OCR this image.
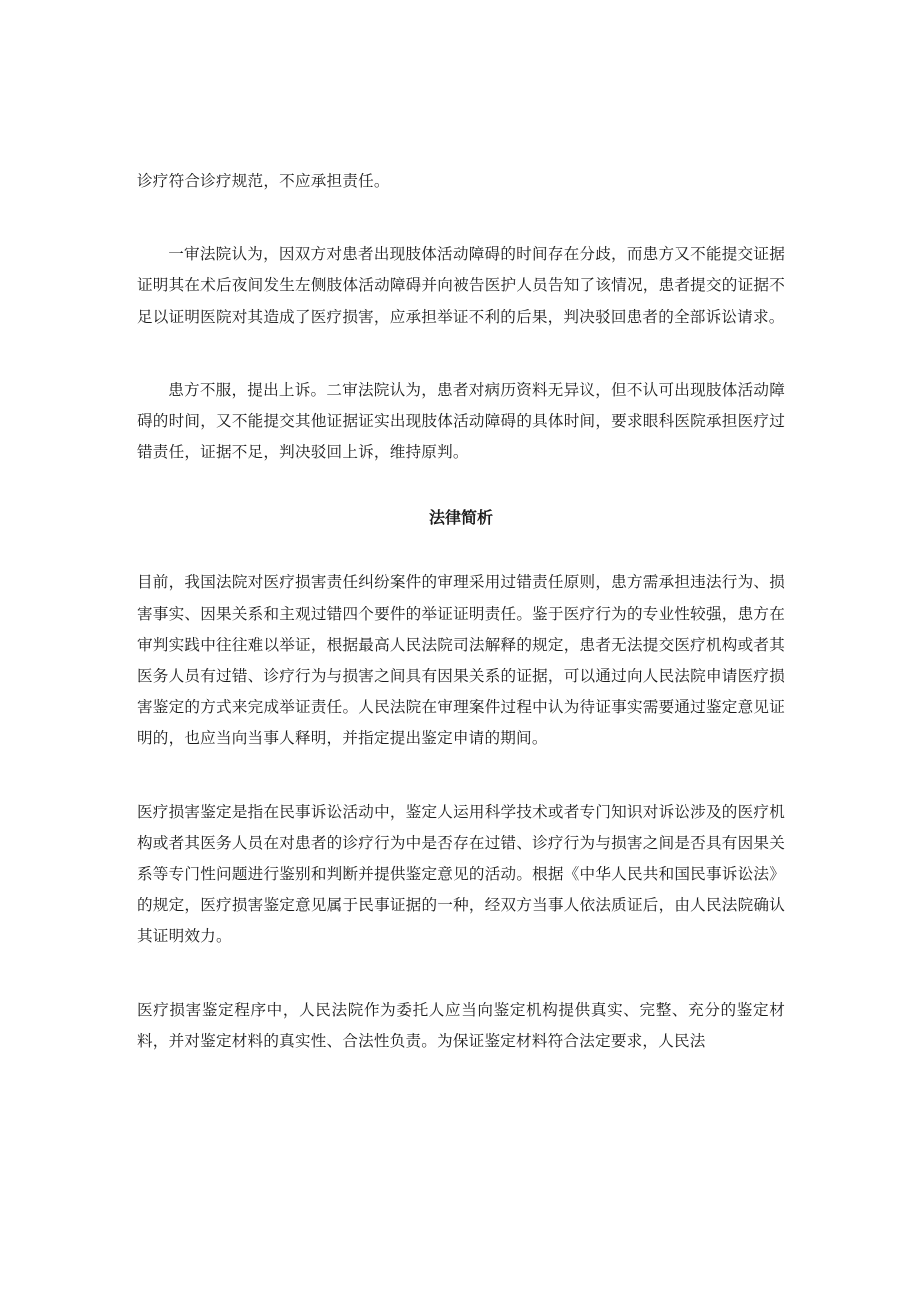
诊疗符合诊疗规范，不应承担责任。

一审法院认为，因双方对患者出现肢体活动障碍的时间存在分歧，而患方又不能提交证据证明其在术后夜间发生左侧肢体活动障碍并向被告医护人员告知了该情况，患者提交的证据不足以证明医院对其造成了医疗损害，应承担举证不利的后果，判决驳回患者的全部诉讼请求。

患方不服，提出上诉。二审法院认为，患者对病历资料无异议，但不认可出现肢体活动障碍的时间，又不能提交其他证据证实出现肢体活动障碍的具体时间，要求眼科医院承担医疗过错责任，证据不足，判决驳回上诉，维持原判。

法律简析

目前，我国法院对医疗损害责任纠纷案件的审理采用过错责任原则，患方需承担违法行为、损害事实、因果关系和主观过错四个要件的举证证明责任。鉴于医疗行为的专业性较强，患方在审判实践中往往难以举证，根据最高人民法院司法解释的规定，患者无法提交医疗机构或者其医务人员有过错、诊疗行为与损害之间具有因果关系的证据，可以通过向人民法院申请医疗损害鉴定的方式来完成举证责任。人民法院在审理案件过程中认为待证事实需要通过鉴定意见证明的，也应当向当事人释明，并指定提出鉴定申请的期间。

医疗损害鉴定是指在民事诉讼活动中，鉴定人运用科学技术或者专门知识对诉讼涉及的医疗机构或者其医务人员在对患者的诊疗行为中是否存在过错、诊疗行为与损害之间是否具有因果关系等专门性问题进行鉴别和判断并提供鉴定意见的活动。根据《中华人民共和国民事诉讼法》的规定，医疗损害鉴定意见属于民事证据的一种，经双方当事人依法质证后，由人民法院确认其证明效力。

医疗损害鉴定程序中，人民法院作为委托人应当向鉴定机构提供真实、完整、充分的鉴定材料，并对鉴定材料的真实性、合法性负责。为保证鉴定材料符合法定要求，人民法
